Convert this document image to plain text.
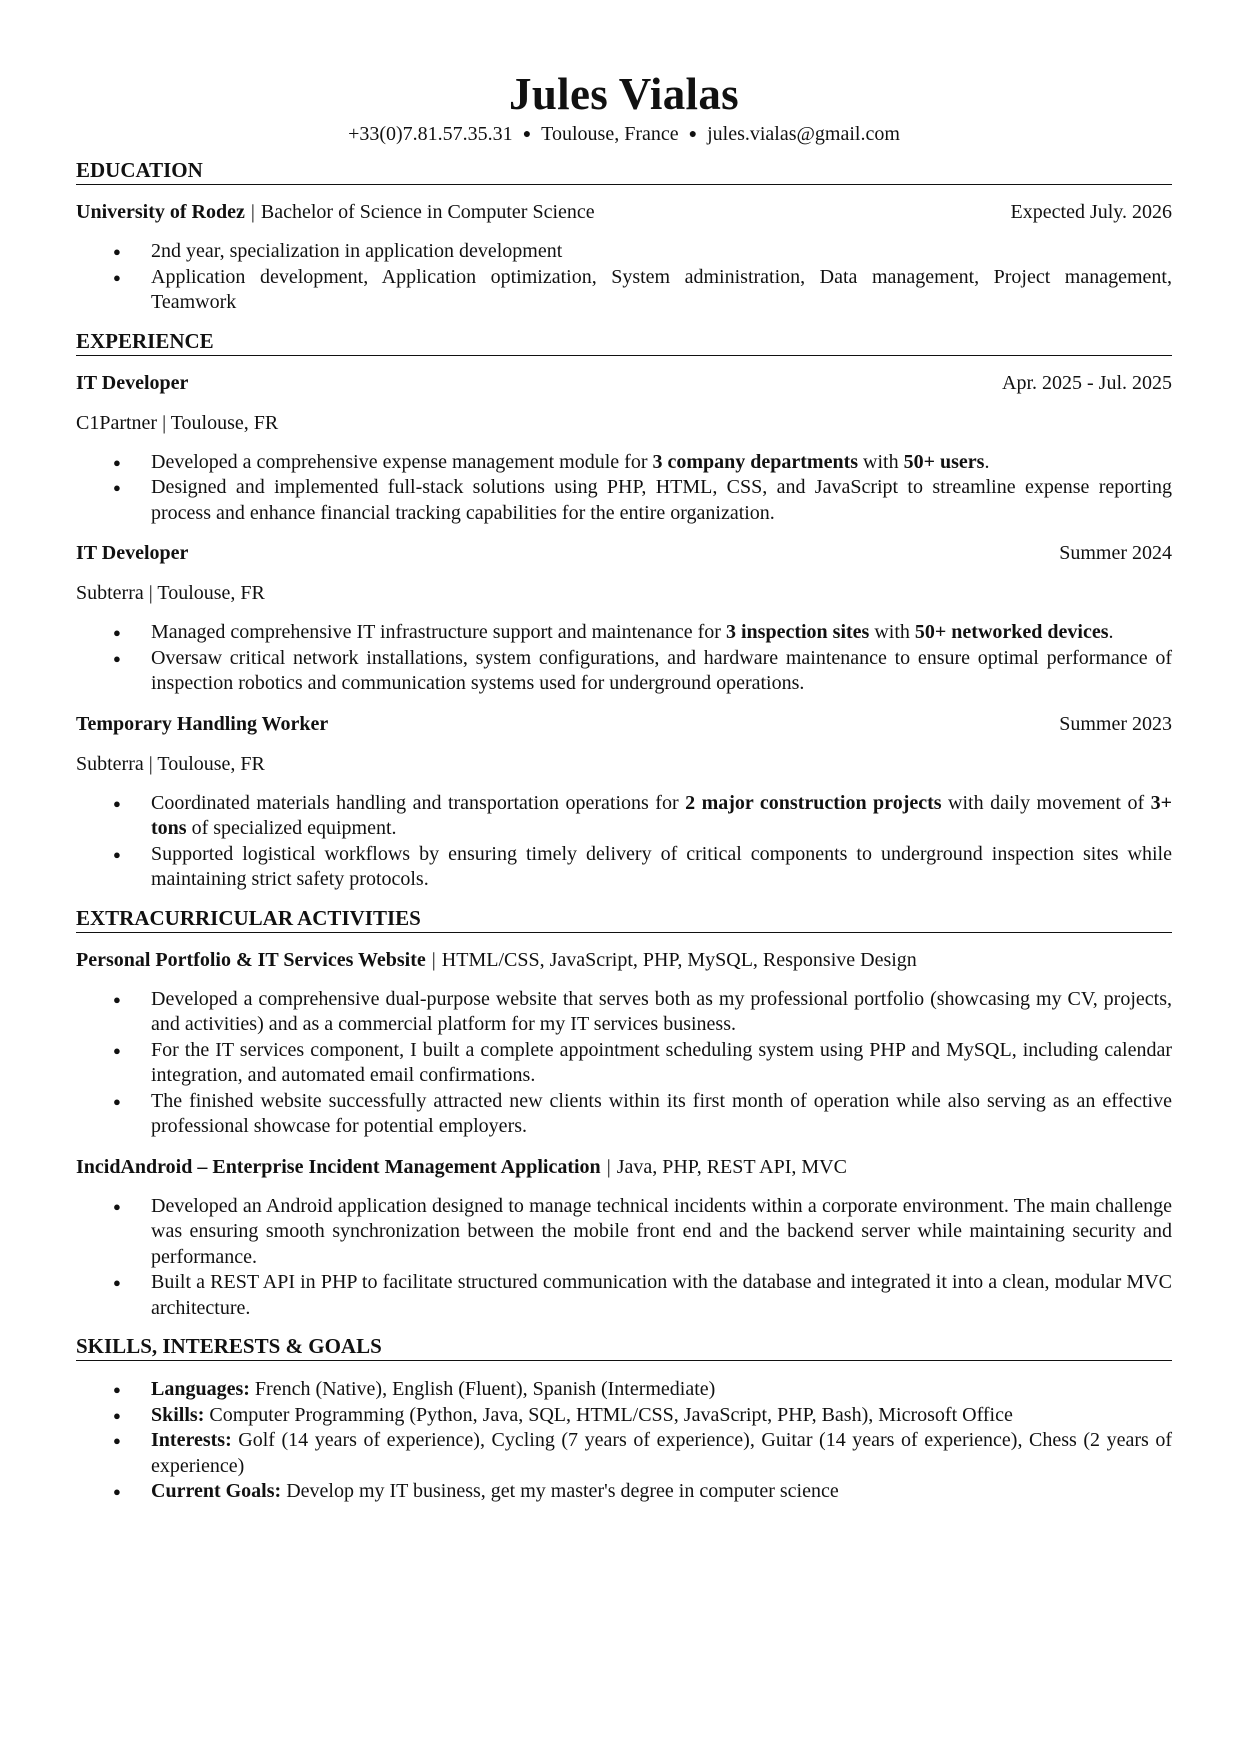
Jules Vialas
+33(0)7.81.57.35.31 ● Toulouse, France ● jules.vialas@gmail.com
EDUCATION
University of Rodez | Bachelor of Science in Computer Science	Expected July. 2026
● 2nd year, specialization in application development
● Application development, Application optimization, System administration, Data management, Project management, Teamwork
EXPERIENCE
IT Developer	Apr. 2025 - Jul. 2025
C1Partner | Toulouse, FR
● Developed a comprehensive expense management module for 3 company departments with 50+ users.
● Designed and implemented full-stack solutions using PHP, HTML, CSS, and JavaScript to streamline expense reporting process and enhance financial tracking capabilities for the entire organization.
IT Developer	Summer 2024
Subterra | Toulouse, FR
● Managed comprehensive IT infrastructure support and maintenance for 3 inspection sites with 50+ networked devices.
● Oversaw critical network installations, system configurations, and hardware maintenance to ensure optimal performance of inspection robotics and communication systems used for underground operations.
Temporary Handling Worker	Summer 2023
Subterra | Toulouse, FR
● Coordinated materials handling and transportation operations for 2 major construction projects with daily movement of 3+ tons of specialized equipment.
● Supported logistical workflows by ensuring timely delivery of critical components to underground inspection sites while maintaining strict safety protocols.
EXTRACURRICULAR ACTIVITIES
Personal Portfolio & IT Services Website | HTML/CSS, JavaScript, PHP, MySQL, Responsive Design
● Developed a comprehensive dual-purpose website that serves both as my professional portfolio (showcasing my CV, projects, and activities) and as a commercial platform for my IT services business.
● For the IT services component, I built a complete appointment scheduling system using PHP and MySQL, including calendar integration, and automated email confirmations.
● The finished website successfully attracted new clients within its first month of operation while also serving as an effective professional showcase for potential employers.
IncidAndroid – Enterprise Incident Management Application | Java, PHP, REST API, MVC
● Developed an Android application designed to manage technical incidents within a corporate environment. The main challenge was ensuring smooth synchronization between the mobile front end and the backend server while maintaining security and performance.
● Built a REST API in PHP to facilitate structured communication with the database and integrated it into a clean, modular MVC architecture.
SKILLS, INTERESTS & GOALS
● Languages: French (Native), English (Fluent), Spanish (Intermediate)
● Skills: Computer Programming (Python, Java, SQL, HTML/CSS, JavaScript, PHP, Bash), Microsoft Office
● Interests: Golf (14 years of experience), Cycling (7 years of experience), Guitar (14 years of experience), Chess (2 years of experience)
● Current Goals: Develop my IT business, get my master's degree in computer science
